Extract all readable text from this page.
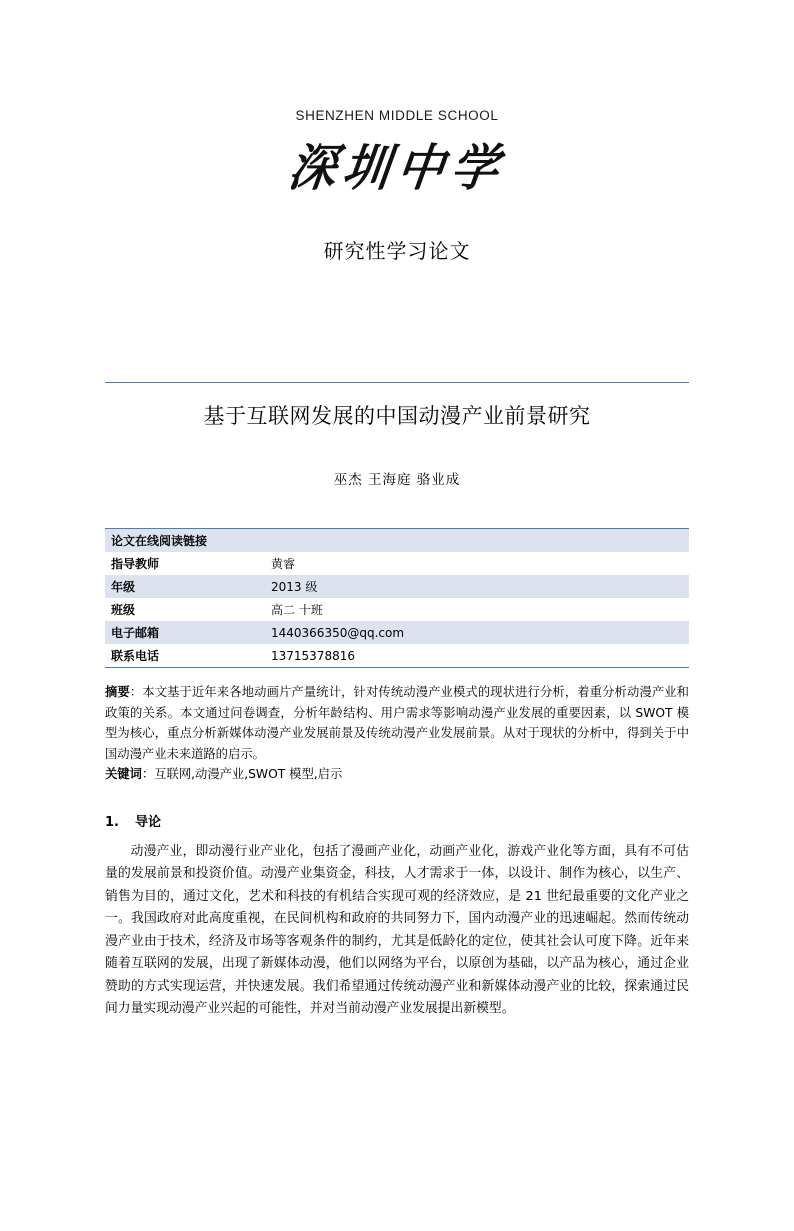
SHENZHEN MIDDLE SCHOOL
深圳中学
研究性学习论文
基于互联网发展的中国动漫产业前景研究
巫杰 王海庭 骆业成
论文在线阅读链接	
指导教师	黄睿
年级	2013 级
班级	高二 十班
电子邮箱	1440366350@qq.com
联系电话	13715378816
摘要：本文基于近年来各地动画片产量统计，针对传统动漫产业模式的现状进行分析，着重分析动漫产业和政策的关系。本文通过问卷调查，分析年龄结构、用户需求等影响动漫产业发展的重要因素，以 SWOT 模型为核心，重点分析新媒体动漫产业发展前景及传统动漫产业发展前景。从对于现状的分析中，得到关于中国动漫产业未来道路的启示。
关键词：互联网,动漫产业,SWOT 模型,启示
1. 导论
动漫产业，即动漫行业产业化，包括了漫画产业化，动画产业化，游戏产业化等方面，具有不可估量的发展前景和投资价值。动漫产业集资金，科技，人才需求于一体，以设计、制作为核心，以生产、销售为目的，通过文化，艺术和科技的有机结合实现可观的经济效应，是 21 世纪最重要的文化产业之一。我国政府对此高度重视，在民间机构和政府的共同努力下，国内动漫产业的迅速崛起。然而传统动漫产业由于技术，经济及市场等客观条件的制约，尤其是低龄化的定位，使其社会认可度下降。近年来随着互联网的发展，出现了新媒体动漫，他们以网络为平台，以原创为基础，以产品为核心，通过企业赞助的方式实现运营，并快速发展。我们希望通过传统动漫产业和新媒体动漫产业的比较，探索通过民间力量实现动漫产业兴起的可能性，并对当前动漫产业发展提出新模型。
